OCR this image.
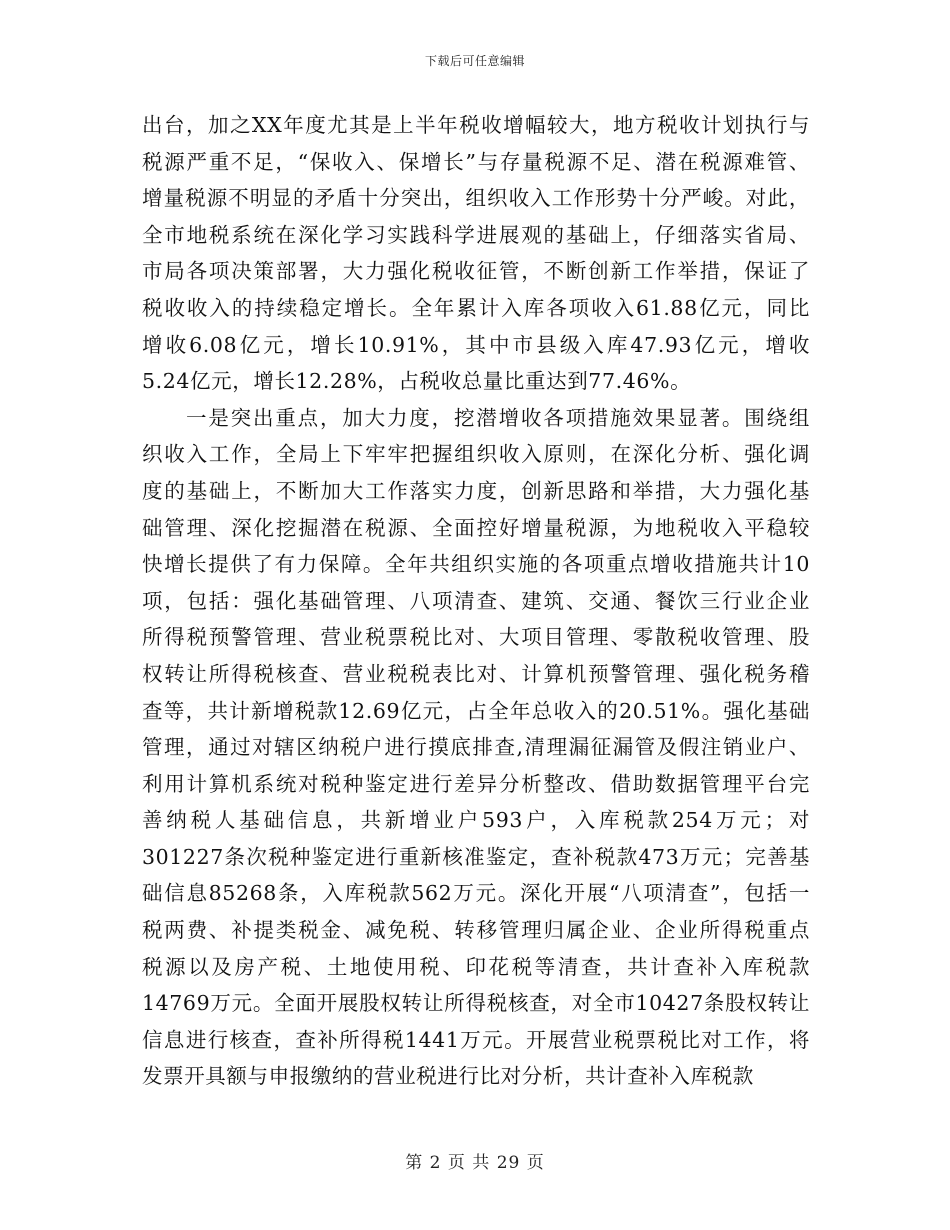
下载后可任意编辑
出台，加之XX年度尤其是上半年税收增幅较大，地方税收计划执行与
税源严重不足，“保收入、保增长”与存量税源不足、潜在税源难管、
增量税源不明显的矛盾十分突出，组织收入工作形势十分严峻。对此，
全市地税系统在深化学习实践科学进展观的基础上，仔细落实省局、
市局各项决策部署，大力强化税收征管，不断创新工作举措，保证了
税收收入的持续稳定增长。全年累计入库各项收入61.88亿元，同比
增收6.08亿元，增长10.91%，其中市县级入库47.93亿元，增收
5.24亿元，增长12.28%，占税收总量比重达到77.46%。
一是突出重点，加大力度，挖潜增收各项措施效果显著。围绕组
织收入工作，全局上下牢牢把握组织收入原则，在深化分析、强化调
度的基础上，不断加大工作落实力度，创新思路和举措，大力强化基
础管理、深化挖掘潜在税源、全面控好增量税源，为地税收入平稳较
快增长提供了有力保障。全年共组织实施的各项重点增收措施共计10
项，包括：强化基础管理、八项清查、建筑、交通、餐饮三行业企业
所得税预警管理、营业税票税比对、大项目管理、零散税收管理、股
权转让所得税核查、营业税税表比对、计算机预警管理、强化税务稽
查等，共计新增税款12.69亿元，占全年总收入的20.51%。强化基础
管理，通过对辖区纳税户进行摸底排查,清理漏征漏管及假注销业户、
利用计算机系统对税种鉴定进行差异分析整改、借助数据管理平台完
善纳税人基础信息，共新增业户593户，入库税款254万元；对
301227条次税种鉴定进行重新核准鉴定，查补税款473万元；完善基
础信息85268条，入库税款562万元。深化开展“八项清查”，包括一
税两费、补提类税金、减免税、转移管理归属企业、企业所得税重点
税源以及房产税、土地使用税、印花税等清查，共计查补入库税款
14769万元。全面开展股权转让所得税核查，对全市10427条股权转让
信息进行核查，查补所得税1441万元。开展营业税票税比对工作，将
发票开具额与申报缴纳的营业税进行比对分析，共计查补入库税款
第 2 页 共 29 页
